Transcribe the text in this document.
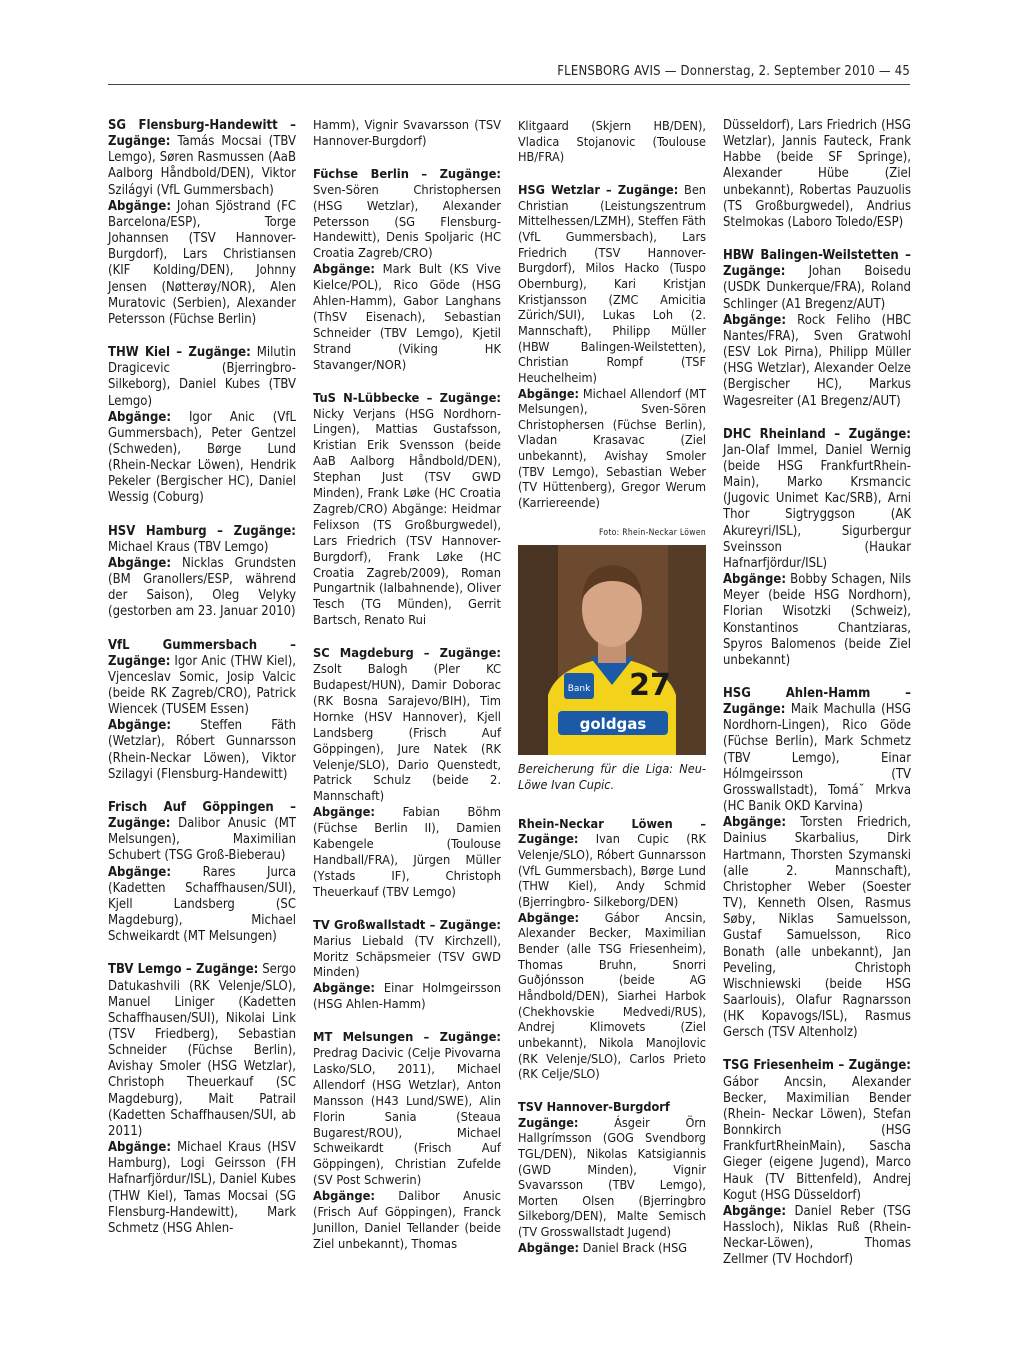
FLENSBORG AVIS — Donnerstag, 2. September 2010 — 45

SG Flensburg-Handewitt – Zugänge: Tamás Mocsai (TBV Lemgo), Søren Rasmussen (AaB Aalborg Håndbold/DEN), Viktor Szilágyi (VfL Gummersbach)
Abgänge: Johan Sjöstrand (FC Barcelona/ESP), Torge Johannsen (TSV Hannover-Burgdorf), Lars Christiansen (KIF Kolding/DEN), Johnny Jensen (Nøtterøy/NOR), Alen Muratovic (Serbien), Alexander Petersson (Füchse Berlin)

THW Kiel – Zugänge: Milutin Dragicevic (Bjerringbro-Silkeborg), Daniel Kubes (TBV Lemgo)
Abgänge: Igor Anic (VfL Gummersbach), Peter Gentzel (Schweden), Børge Lund (Rhein-Neckar Löwen), Hendrik Pekeler (Bergischer HC), Daniel Wessig (Coburg)

HSV Hamburg – Zugänge: Michael Kraus (TBV Lemgo)
Abgänge: Nicklas Grundsten (BM Granollers/ESP, während der Saison), Oleg Velyky (gestorben am 23. Januar 2010)

VfL Gummersbach – Zugänge: Igor Anic (THW Kiel), Vjenceslav Somic, Josip Valcic (beide RK Zagreb/CRO), Patrick Wiencek (TUSEM Essen)
Abgänge: Steffen Fäth (Wetzlar), Róbert Gunnarsson (Rhein-Neckar Löwen), Viktor Szilagyi (Flensburg-Handewitt)

Frisch Auf Göppingen – Zugänge: Dalibor Anusic (MT Melsungen), Maximilian Schubert (TSG Groß-Bieberau)
Abgänge: Rares Jurca (Kadetten Schaffhausen/SUI), Kjell Landsberg (SC Magdeburg), Michael Schweikardt (MT Melsungen)

TBV Lemgo – Zugänge: Sergo Datukashvili (RK Velenje/SLO), Manuel Liniger (Kadetten Schaffhausen/SUI), Nikolai Link (TSV Friedberg), Sebastian Schneider (Füchse Berlin), Avishay Smoler (HSG Wetzlar), Christoph Theuerkauf (SC Magdeburg), Mait Patrail (Kadetten Schaffhausen/SUI, ab 2011)
Abgänge: Michael Kraus (HSV Hamburg), Logi Geirsson (FH Hafnarfjördur/ISL), Daniel Kubes (THW Kiel), Tamas Mocsai (SG Flensburg-Handewitt), Mark Schmetz (HSG Ahlen-

Hamm), Vignir Svavarsson (TSV Hannover-Burgdorf)

Füchse Berlin – Zugänge: Sven-Sören Christophersen (HSG Wetzlar), Alexander Petersson (SG Flensburg-Handewitt), Denis Spoljaric (HC Croatia Zagreb/CRO)
Abgänge: Mark Bult (KS Vive Kielce/POL), Rico Göde (HSG Ahlen-Hamm), Gabor Langhans (ThSV Eisenach), Sebastian Schneider (TBV Lemgo), Kjetil Strand (Viking HK Stavanger/NOR)

TuS N-Lübbecke – Zugänge: Nicky Verjans (HSG Nordhorn-Lingen), Mattias Gustafsson, Kristian Erik Svensson (beide AaB Aalborg Håndbold/DEN), Stephan Just (TSV GWD Minden), Frank Løke (HC Croatia Zagreb/CRO) Abgänge: Heidmar Felixson (TS Großburgwedel), Lars Friedrich (TSV Hannover-Burgdorf), Frank Løke (HC Croatia Zagreb/2009), Roman Pungartnik (Ialbahnende), Oliver Tesch (TG Münden), Gerrit Bartsch, Renato Rui

SC Magdeburg – Zugänge: Zsolt Balogh (Pler KC Budapest/HUN), Damir Doborac (RK Bosna Sarajevo/BIH), Tim Hornke (HSV Hannover), Kjell Landsberg (Frisch Auf Göppingen), Jure Natek (RK Velenje/SLO), Dario Quenstedt, Patrick Schulz (beide 2. Mannschaft)
Abgänge: Fabian Böhm (Füchse Berlin II), Damien Kabengele (Toulouse Handball/FRA), Jürgen Müller (Ystads IF), Christoph Theuerkauf (TBV Lemgo)

TV Großwallstadt – Zugänge: Marius Liebald (TV Kirchzell), Moritz Schäpsmeier (TSV GWD Minden)
Abgänge: Einar Holmgeirsson (HSG Ahlen-Hamm)

MT Melsungen – Zugänge: Predrag Dacivic (Celje Pivovarna Lasko/SLO, 2011), Michael Allendorf (HSG Wetzlar), Anton Mansson (H43 Lund/SWE), Alin Florin Sania (Steaua Bugarest/ROU), Michael Schweikardt (Frisch Auf Göppingen), Christian Zufelde (SV Post Schwerin)
Abgänge: Dalibor Anusic (Frisch Auf Göppingen), Franck Junillon, Daniel Tellander (beide Ziel unbekannt), Thomas

Klitgaard (Skjern HB/DEN), Vladica Stojanovic (Toulouse HB/FRA)

HSG Wetzlar – Zugänge: Ben Christian (Leistungszentrum Mittelhessen/LZMH), Steffen Fäth (VfL Gummersbach), Lars Friedrich (TSV Hannover-Burgdorf), Milos Hacko (Tuspo Obernburg), Kari Kristjan Kristjansson (ZMC Amicitia Zürich/SUI), Lukas Loh (2. Mannschaft), Philipp Müller (HBW Balingen-Weilstetten), Christian Rompf (TSF Heuchelheim)
Abgänge: Michael Allendorf (MT Melsungen), Sven-Sören Christophersen (Füchse Berlin), Vladan Krasavac (Ziel unbekannt), Avishay Smoler (TBV Lemgo), Sebastian Weber (TV Hüttenberg), Gregor Werum (Karriereende)

Foto: Rhein-Neckar Löwen
Bank 27
goldgas
Bereicherung für die Liga: Neu-Löwe Ivan Cupic.

Rhein-Neckar Löwen – Zugänge: Ivan Cupic (RK Velenje/SLO), Róbert Gunnarsson (VfL Gummersbach), Børge Lund (THW Kiel), Andy Schmid (Bjerringbro- Silkeborg/DEN)
Abgänge: Gábor Ancsin, Alexander Becker, Maximilian Bender (alle TSG Friesenheim), Thomas Bruhn, Snorri Guðjónsson (beide AG Håndbold/DEN), Siarhei Harbok (Chekhovskie Medvedi/RUS), Andrej Klimovets (Ziel unbekannt), Nikola Manojlovic (RK Velenje/SLO), Carlos Prieto (RK Celje/SLO)

TSV Hannover-Burgdorf
Zugänge: Ásgeir Örn Hallgrímsson (GOG Svendborg TGL/DEN), Nikolas Katsigiannis (GWD Minden), Vignir Svavarsson (TBV Lemgo), Morten Olsen (Bjerringbro Silkeborg/DEN), Malte Semisch (TV Grosswallstadt Jugend)
Abgänge: Daniel Brack (HSG

Düsseldorf), Lars Friedrich (HSG Wetzlar), Jannis Fauteck, Frank Habbe (beide SF Springe), Alexander Hübe (Ziel unbekannt), Robertas Pauzuolis (TS Großburgwedel), Andrius Stelmokas (Laboro Toledo/ESP)

HBW Balingen-Weilstetten – Zugänge: Johan Boisedu (USDK Dunkerque/FRA), Roland Schlinger (A1 Bregenz/AUT)
Abgänge: Rock Feliho (HBC Nantes/FRA), Sven Gratwohl (ESV Lok Pirna), Philipp Müller (HSG Wetzlar), Alexander Oelze (Bergischer HC), Markus Wagesreiter (A1 Bregenz/AUT)

DHC Rheinland – Zugänge: Jan-Olaf Immel, Daniel Wernig (beide HSG FrankfurtRhein-Main), Marko Krsmancic (Jugovic Unimet Kac/SRB), Arni Thor Sigtryggson (AK Akureyri/ISL), Sigurbergur Sveinsson (Haukar Hafnarfjördur/ISL)
Abgänge: Bobby Schagen, Nils Meyer (beide HSG Nordhorn), Florian Wisotzki (Schweiz), Konstantinos Chantziaras, Spyros Balomenos (beide Ziel unbekannt)

HSG Ahlen-Hamm – Zugänge: Maik Machulla (HSG Nordhorn-Lingen), Rico Göde (Füchse Berlin), Mark Schmetz (TBV Lemgo), Einar Hólmgeirsson (TV Grosswallstadt), Tomá˘ Mrkva (HC Banik OKD Karvina)
Abgänge: Torsten Friedrich, Dainius Skarbalius, Dirk Hartmann, Thorsten Szymanski (alle 2. Mannschaft), Christopher Weber (Soester TV), Kenneth Olsen, Rasmus Søby, Niklas Samuelsson, Gustaf Samuelsson, Rico Bonath (alle unbekannt), Jan Peveling, Christoph Wischniewski (beide HSG Saarlouis), Olafur Ragnarsson (HK Kopavogs/ISL), Rasmus Gersch (TSV Altenholz)

TSG Friesenheim – Zugänge: Gábor Ancsin, Alexander Becker, Maximilian Bender (Rhein- Neckar Löwen), Stefan Bonnkirch (HSG FrankfurtRheinMain), Sascha Gieger (eigene Jugend), Marco Hauk (TV Bittenfeld), Andrej Kogut (HSG Düsseldorf)
Abgänge: Daniel Reber (TSG Hassloch), Niklas Ruß (Rhein-Neckar-Löwen), Thomas Zellmer (TV Hochdorf)
